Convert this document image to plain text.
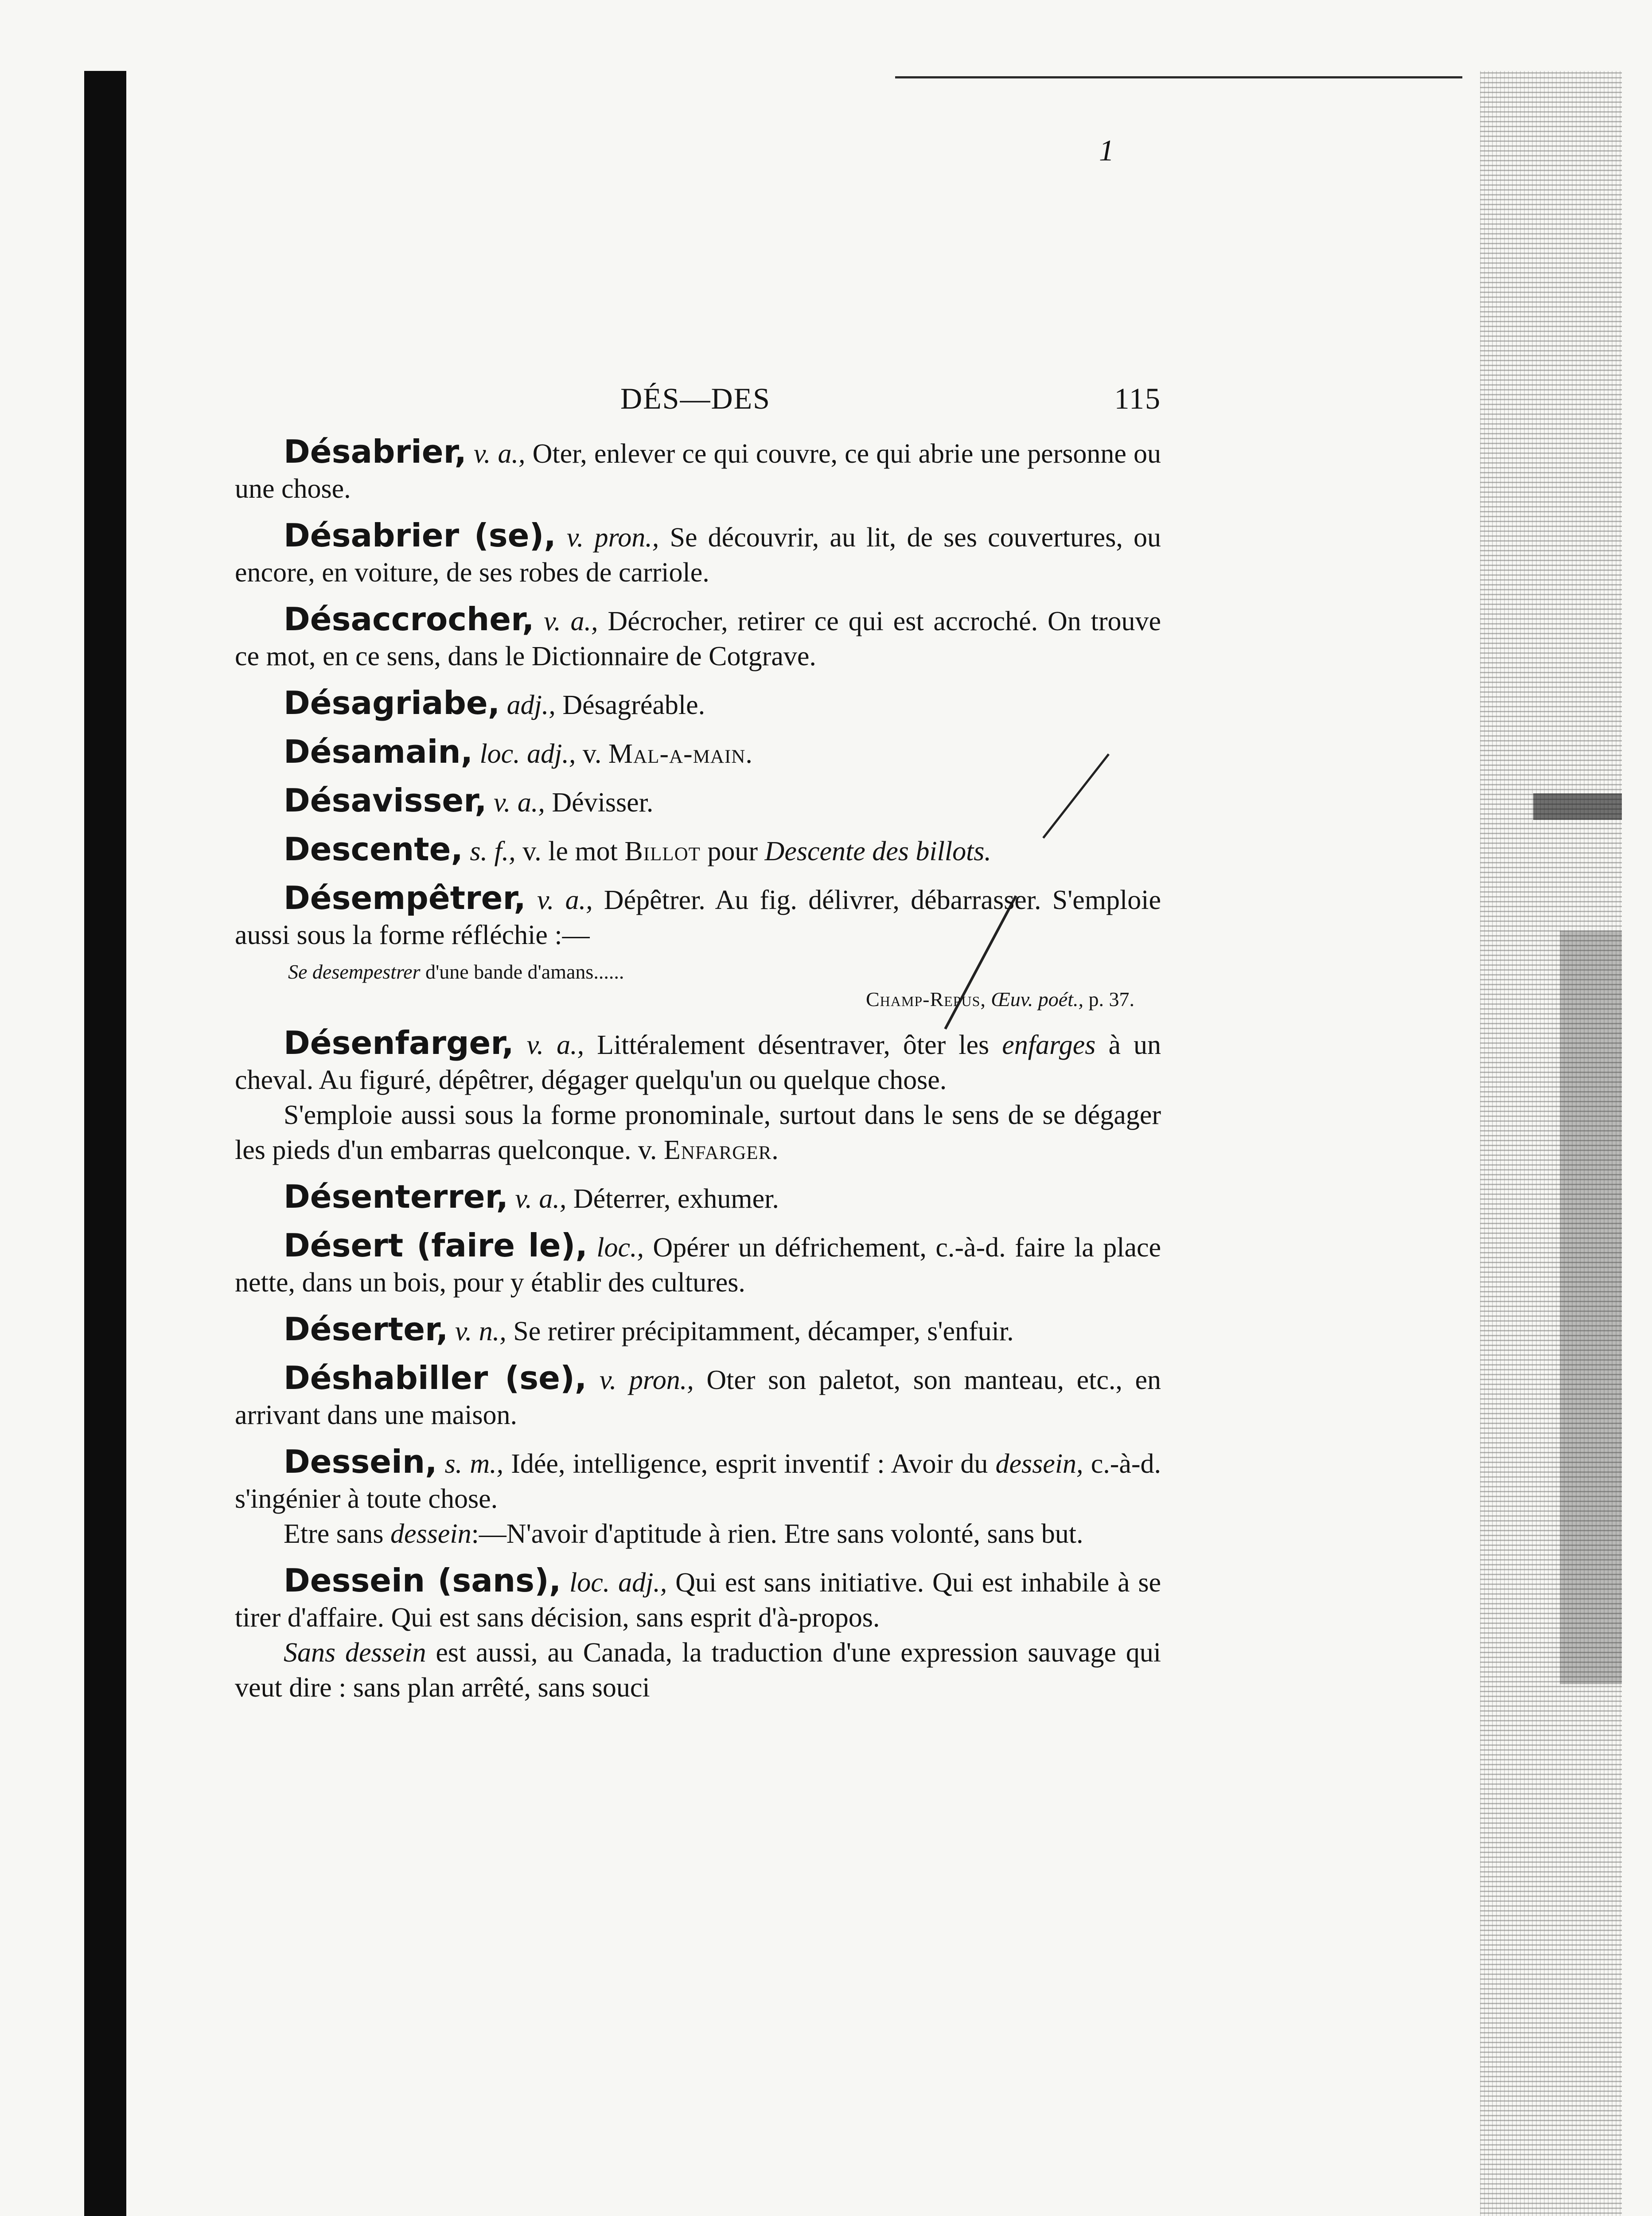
1
DÉS—DES	115

Désabrier, v. a., Oter, enlever ce qui couvre, ce qui abrie une personne ou une chose.

Désabrier (se), v. pron., Se découvrir, au lit, de ses couvertures, ou encore, en voiture, de ses robes de carriole.

Désaccrocher, v. a., Décrocher, retirer ce qui est accroché. On trouve ce mot, en ce sens, dans le Dictionnaire de Cotgrave.

Désagriabe, adj., Désagréable.

Désamain, loc. adj., v. Mal-a-main.

Désavisser, v. a., Dévisser.

Descente, s. f., v. le mot Billot pour Descente des billots.

Désempêtrer, v. a., Dépêtrer. Au fig. délivrer, débarrasser. S'emploie aussi sous la forme réfléchie :—

Se desempestrer d'une bande d'amans......
Champ-Repus, Œuv. poét., p. 37.

Désenfarger, v. a., Littéralement désentraver, ôter les enfarges à un cheval. Au figuré, dépêtrer, dégager quelqu'un ou quelque chose.

S'emploie aussi sous la forme pronominale, surtout dans le sens de se dégager les pieds d'un embarras quelconque. v. Enfarger.

Désenterrer, v. a., Déterrer, exhumer.

Désert (faire le), loc., Opérer un défrichement, c.-à-d. faire la place nette, dans un bois, pour y établir des cultures.

Déserter, v. n., Se retirer précipitamment, décamper, s'enfuir.

Déshabiller (se), v. pron., Oter son paletot, son manteau, etc., en arrivant dans une maison.

Dessein, s. m., Idée, intelligence, esprit inventif : Avoir du dessein, c.-à-d. s'ingénier à toute chose.

Etre sans dessein:—N'avoir d'aptitude à rien. Etre sans volonté, sans but.

Dessein (sans), loc. adj., Qui est sans initiative. Qui est inhabile à se tirer d'affaire. Qui est sans décision, sans esprit d'à-propos.

Sans dessein est aussi, au Canada, la traduction d'une expression sauvage qui veut dire : sans plan arrêté, sans souci
